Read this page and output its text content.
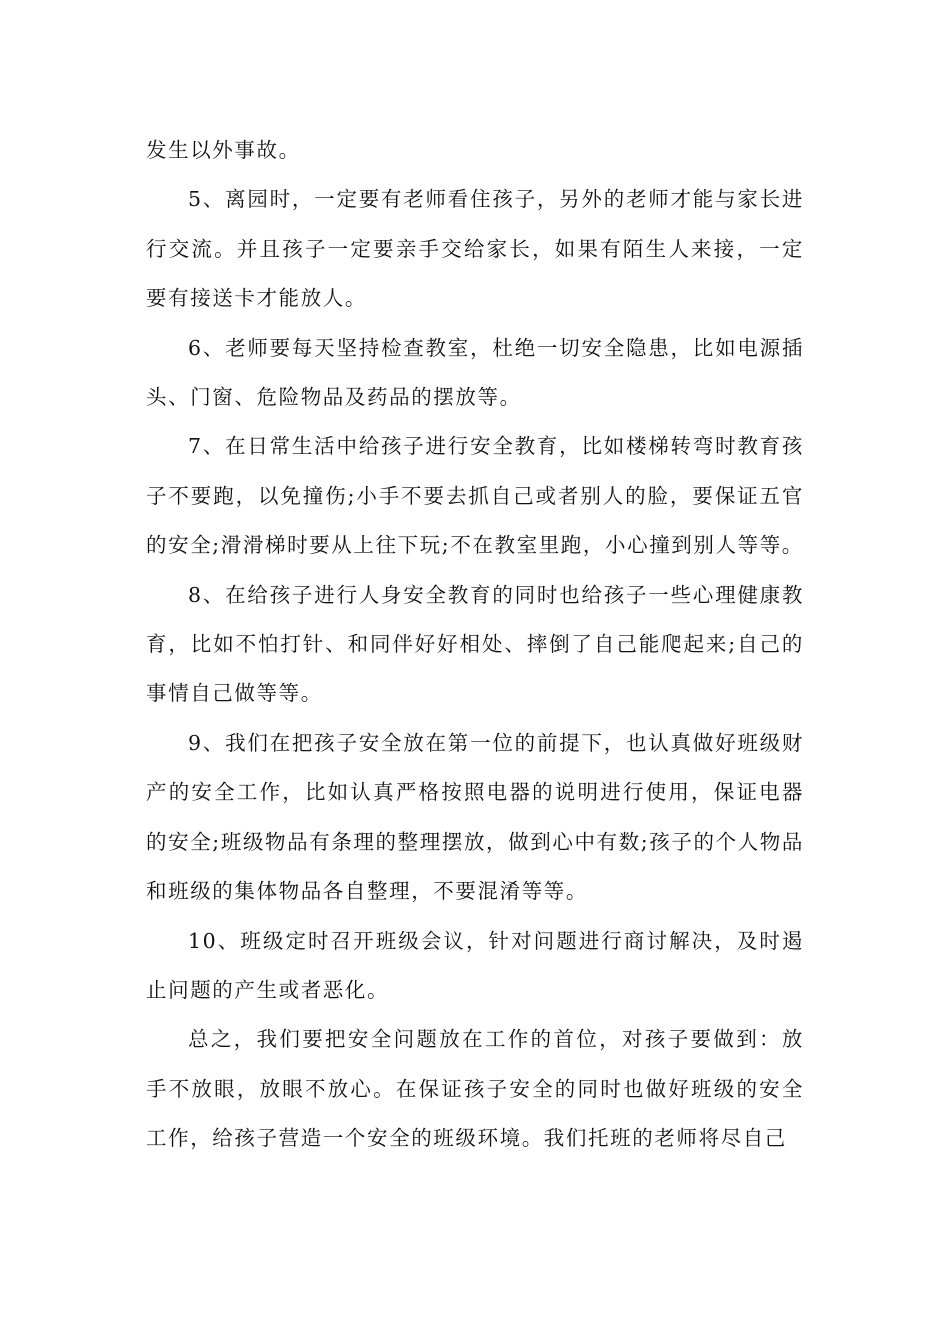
发生以外事故。

5、离园时，一定要有老师看住孩子，另外的老师才能与家长进行交流。并且孩子一定要亲手交给家长，如果有陌生人来接，一定要有接送卡才能放人。

6、老师要每天坚持检查教室，杜绝一切安全隐患，比如电源插头、门窗、危险物品及药品的摆放等。

7、在日常生活中给孩子进行安全教育，比如楼梯转弯时教育孩子不要跑，以免撞伤;小手不要去抓自己或者别人的脸，要保证五官的安全;滑滑梯时要从上往下玩;不在教室里跑，小心撞到别人等等。

8、在给孩子进行人身安全教育的同时也给孩子一些心理健康教育，比如不怕打针、和同伴好好相处、摔倒了自己能爬起来;自己的事情自己做等等。

9、我们在把孩子安全放在第一位的前提下，也认真做好班级财产的安全工作，比如认真严格按照电器的说明进行使用，保证电器的安全;班级物品有条理的整理摆放，做到心中有数;孩子的个人物品和班级的集体物品各自整理，不要混淆等等。

10、班级定时召开班级会议，针对问题进行商讨解决，及时遏止问题的产生或者恶化。

总之，我们要把安全问题放在工作的首位，对孩子要做到：放手不放眼，放眼不放心。在保证孩子安全的同时也做好班级的安全工作，给孩子营造一个安全的班级环境。我们托班的老师将尽自己
